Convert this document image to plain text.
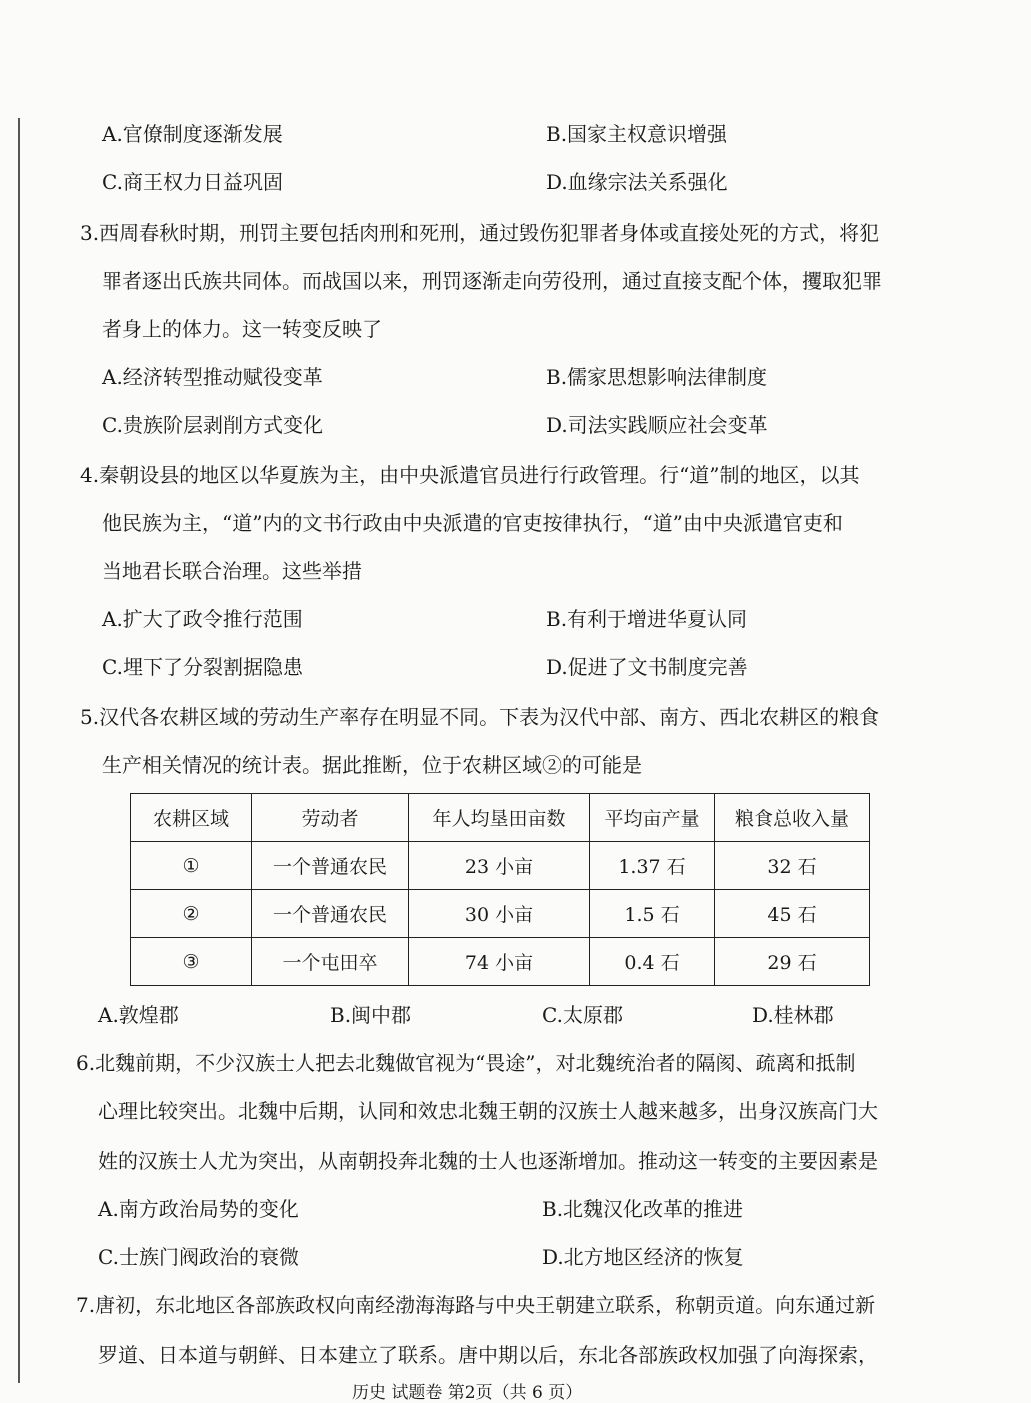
A.官僚制度逐渐发展	B.国家主权意识增强
C.商王权力日益巩固	D.血缘宗法关系强化
3.西周春秋时期，刑罚主要包括肉刑和死刑，通过毁伤犯罪者身体或直接处死的方式，将犯
罪者逐出氏族共同体。而战国以来，刑罚逐渐走向劳役刑，通过直接支配个体，攫取犯罪
者身上的体力。这一转变反映了
A.经济转型推动赋役变革	B.儒家思想影响法律制度
C.贵族阶层剥削方式变化	D.司法实践顺应社会变革
4.秦朝设县的地区以华夏族为主，由中央派遣官员进行行政管理。行“道”制的地区，以其
他民族为主，“道”内的文书行政由中央派遣的官吏按律执行，“道”由中央派遣官吏和
当地君长联合治理。这些举措
A.扩大了政令推行范围	B.有利于增进华夏认同
C.埋下了分裂割据隐患	D.促进了文书制度完善
5.汉代各农耕区域的劳动生产率存在明显不同。下表为汉代中部、南方、西北农耕区的粮食
生产相关情况的统计表。据此推断，位于农耕区域②的可能是
农耕区域	劳动者	年人均垦田亩数	平均亩产量	粮食总收入量
①	一个普通农民	23 小亩	1.37 石	32 石
②	一个普通农民	30 小亩	1.5 石	45 石
③	一个屯田卒	74 小亩	0.4 石	29 石
A.敦煌郡	B.闽中郡	C.太原郡	D.桂林郡
6.北魏前期，不少汉族士人把去北魏做官视为“畏途”，对北魏统治者的隔阂、疏离和抵制
心理比较突出。北魏中后期，认同和效忠北魏王朝的汉族士人越来越多，出身汉族高门大
姓的汉族士人尤为突出，从南朝投奔北魏的士人也逐渐增加。推动这一转变的主要因素是
A.南方政治局势的变化	B.北魏汉化改革的推进
C.士族门阀政治的衰微	D.北方地区经济的恢复
7.唐初，东北地区各部族政权向南经渤海海路与中央王朝建立联系，称朝贡道。向东通过新
罗道、日本道与朝鲜、日本建立了联系。唐中期以后，东北各部族政权加强了向海探索，
历史 试题卷 第2页（共 6 页）
